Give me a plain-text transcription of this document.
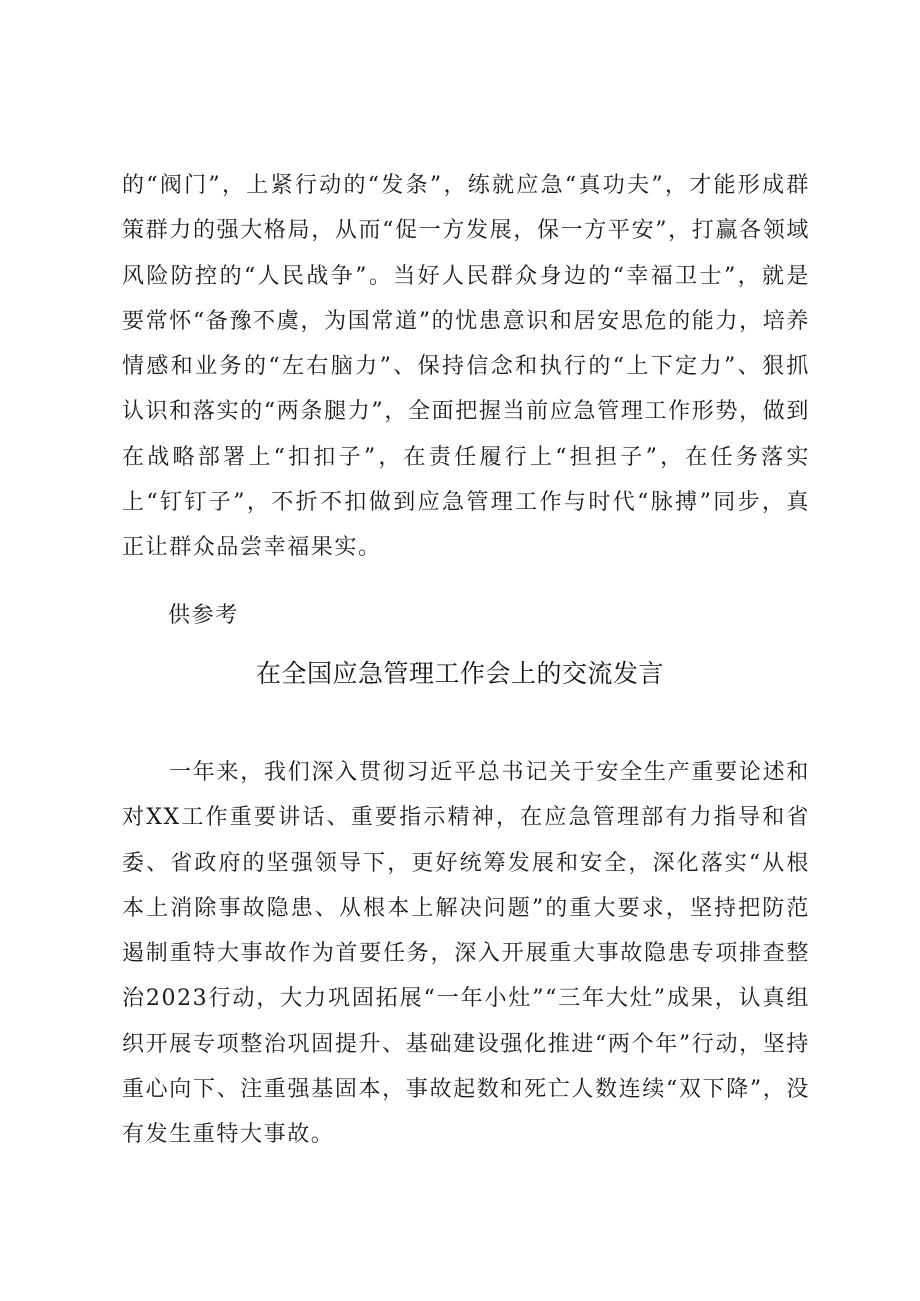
的“阀门”，上紧行动的“发条”，练就应急“真功夫”，才能形成群策群力的强大格局，从而“促一方发展，保一方平安”，打赢各领域风险防控的“人民战争”。当好人民群众身边的“幸福卫士”，就是要常怀“备豫不虞，为国常道”的忧患意识和居安思危的能力，培养情感和业务的“左右脑力”、保持信念和执行的“上下定力”、狠抓认识和落实的“两条腿力”，全面把握当前应急管理工作形势，做到在战略部署上“扣扣子”，在责任履行上“担担子”，在任务落实上“钉钉子”，不折不扣做到应急管理工作与时代“脉搏”同步，真正让群众品尝幸福果实。

供参考

在全国应急管理工作会上的交流发言

一年来，我们深入贯彻习近平总书记关于安全生产重要论述和对XX工作重要讲话、重要指示精神，在应急管理部有力指导和省委、省政府的坚强领导下，更好统筹发展和安全，深化落实“从根本上消除事故隐患、从根本上解决问题”的重大要求，坚持把防范遏制重特大事故作为首要任务，深入开展重大事故隐患专项排查整治2023行动，大力巩固拓展“一年小灶”“三年大灶”成果，认真组织开展专项整治巩固提升、基础建设强化推进“两个年”行动，坚持重心向下、注重强基固本，事故起数和死亡人数连续“双下降”，没有发生重特大事故。
